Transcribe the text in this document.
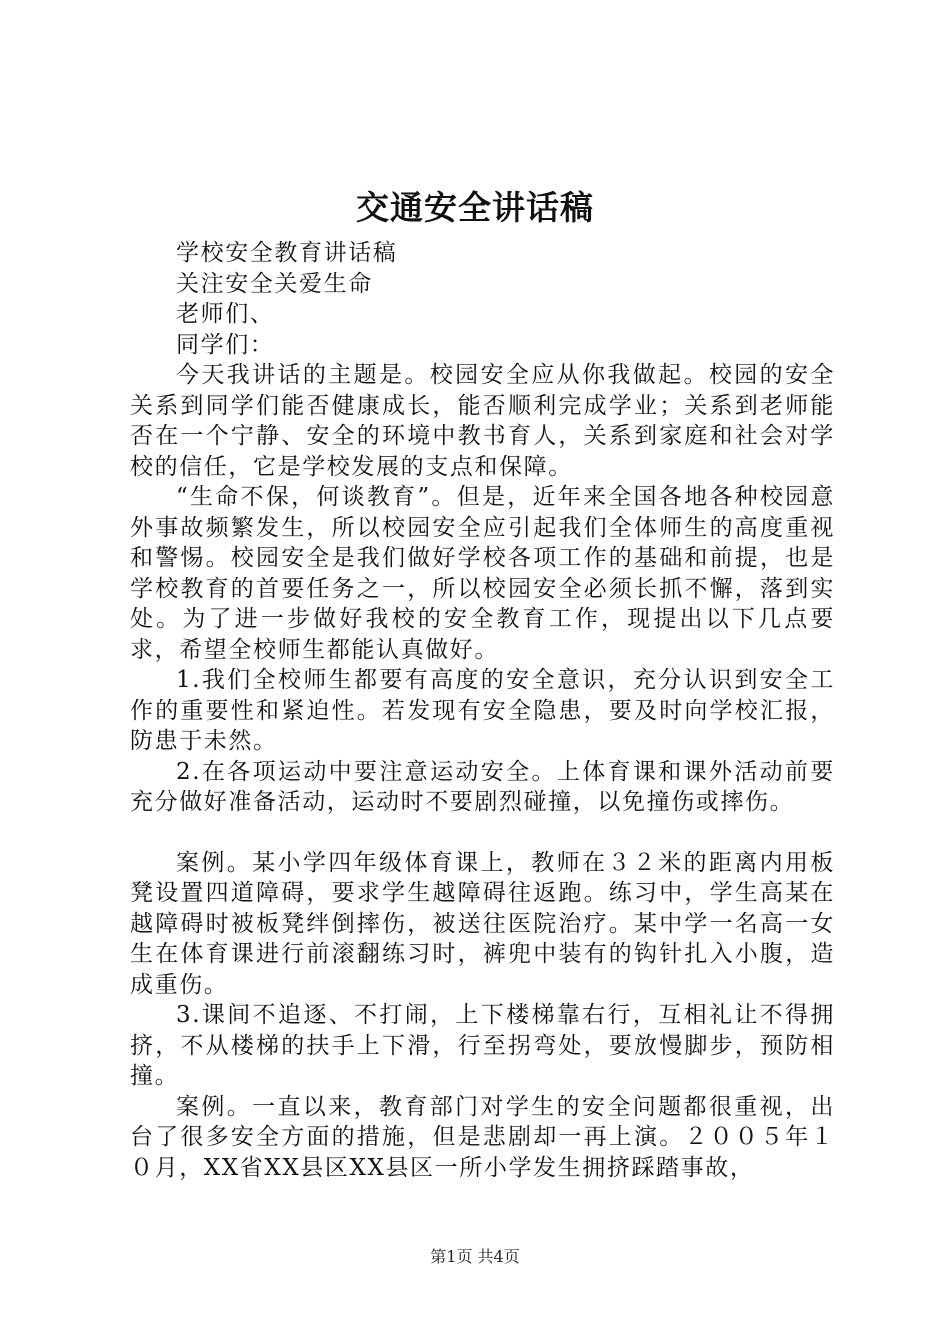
交通安全讲话稿

学校安全教育讲话稿

关注安全关爱生命

老师们、

同学们：

今天我讲话的主题是。校园安全应从你我做起。校园的安全关系到同学们能否健康成长，能否顺利完成学业；关系到老师能否在一个宁静、安全的环境中教书育人，关系到家庭和社会对学校的信任，它是学校发展的支点和保障。

“生命不保，何谈教育”。但是，近年来全国各地各种校园意外事故频繁发生，所以校园安全应引起我们全体师生的高度重视和警惕。校园安全是我们做好学校各项工作的基础和前提，也是学校教育的首要任务之一，所以校园安全必须长抓不懈，落到实处。为了进一步做好我校的安全教育工作，现提出以下几点要求，希望全校师生都能认真做好。

1.我们全校师生都要有高度的安全意识，充分认识到安全工作的重要性和紧迫性。若发现有安全隐患，要及时向学校汇报，防患于未然。

2.在各项运动中要注意运动安全。上体育课和课外活动前要充分做好准备活动，运动时不要剧烈碰撞，以免撞伤或摔伤。

案例。某小学四年级体育课上，教师在３２米的距离内用板凳设置四道障碍，要求学生越障碍往返跑。练习中，学生高某在越障碍时被板凳绊倒摔伤，被送往医院治疗。某中学一名高一女生在体育课进行前滚翻练习时，裤兜中装有的钩针扎入小腹，造成重伤。

3.课间不追逐、不打闹，上下楼梯靠右行，互相礼让不得拥挤，不从楼梯的扶手上下滑，行至拐弯处，要放慢脚步，预防相撞。

案例。一直以来，教育部门对学生的安全问题都很重视，出台了很多安全方面的措施，但是悲剧却一再上演。２００５年１０月，XX省XX县区XX县区一所小学发生拥挤踩踏事故，

第1页 共4页
